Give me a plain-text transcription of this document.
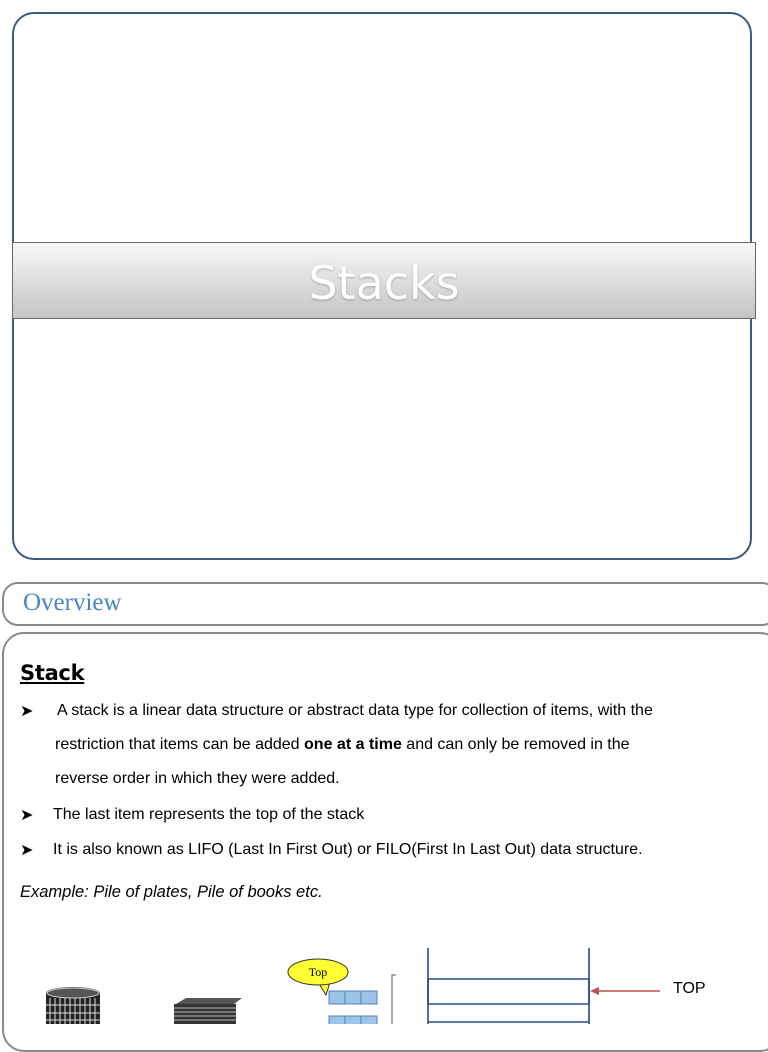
Stacks
Overview
Stack
➤ A stack is a linear data structure or abstract data type for collection of items, with the
restriction that items can be added one at a time and can only be removed in the
reverse order in which they were added.
➤ The last item represents the top of the stack
➤ It is also known as LIFO (Last In First Out) or FILO(First In Last Out) data structure.
Example: Pile of plates, Pile of books etc.
Top
TOP
